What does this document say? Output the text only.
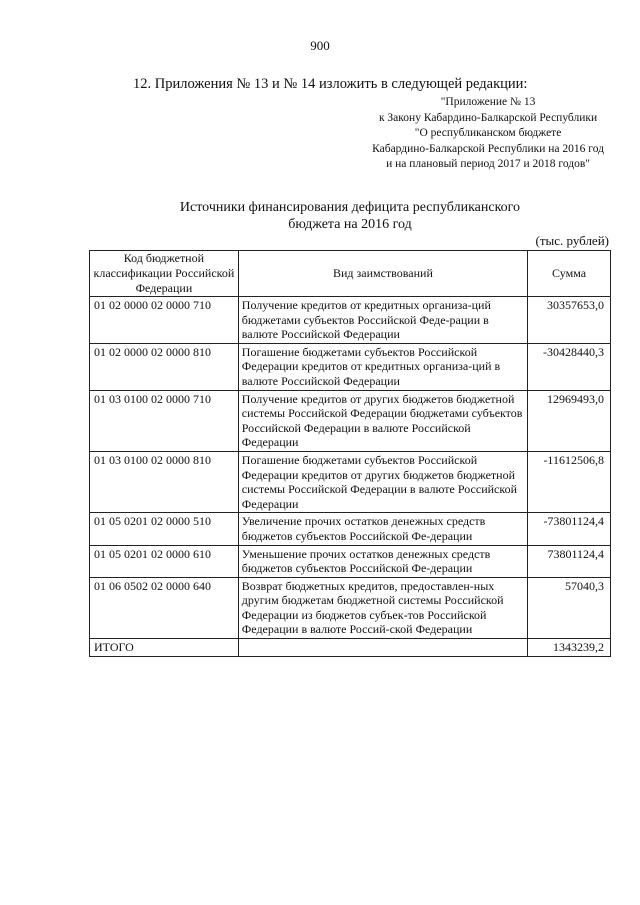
900
12. Приложения № 13 и № 14 изложить в следующей редакции:
"Приложение № 13
к Закону Кабардино-Балкарской Республики
"О республиканском бюджете
Кабардино-Балкарской Республики на 2016 год
и на плановый период 2017 и 2018 годов"
Источники финансирования дефицита республиканского
бюджета на 2016 год
(тыс. рублей)
Код бюджетной классификации Российской Федерации	Вид заимствований	Сумма
01 02 0000 02 0000 710	Получение кредитов от кредитных организа-ций бюджетами субъектов Российской Феде-рации в валюте Российской Федерации	30357653,0
01 02 0000 02 0000 810	Погашение бюджетами субъектов Российской Федерации кредитов от кредитных организа-ций в валюте Российской Федерации	-30428440,3
01 03 0100 02 0000 710	Получение кредитов от других бюджетов бюджетной системы Российской Федерации бюджетами субъектов Российской Федерации в валюте Российской Федерации	12969493,0
01 03 0100 02 0000 810	Погашение бюджетами субъектов Российской Федерации кредитов от других бюджетов бюджетной системы Российской Федерации в валюте Российской Федерации	-11612506,8
01 05 0201 02 0000 510	Увеличение прочих остатков денежных средств бюджетов субъектов Российской Фе-дерации	-73801124,4
01 05 0201 02 0000 610	Уменьшение прочих остатков денежных средств бюджетов субъектов Российской Фе-дерации	73801124,4
01 06 0502 02 0000 640	Возврат бюджетных кредитов, предоставлен-ных другим бюджетам бюджетной системы Российской Федерации из бюджетов субъек-тов Российской Федерации в валюте Россий-ской Федерации	57040,3
ИТОГО		1343239,2
